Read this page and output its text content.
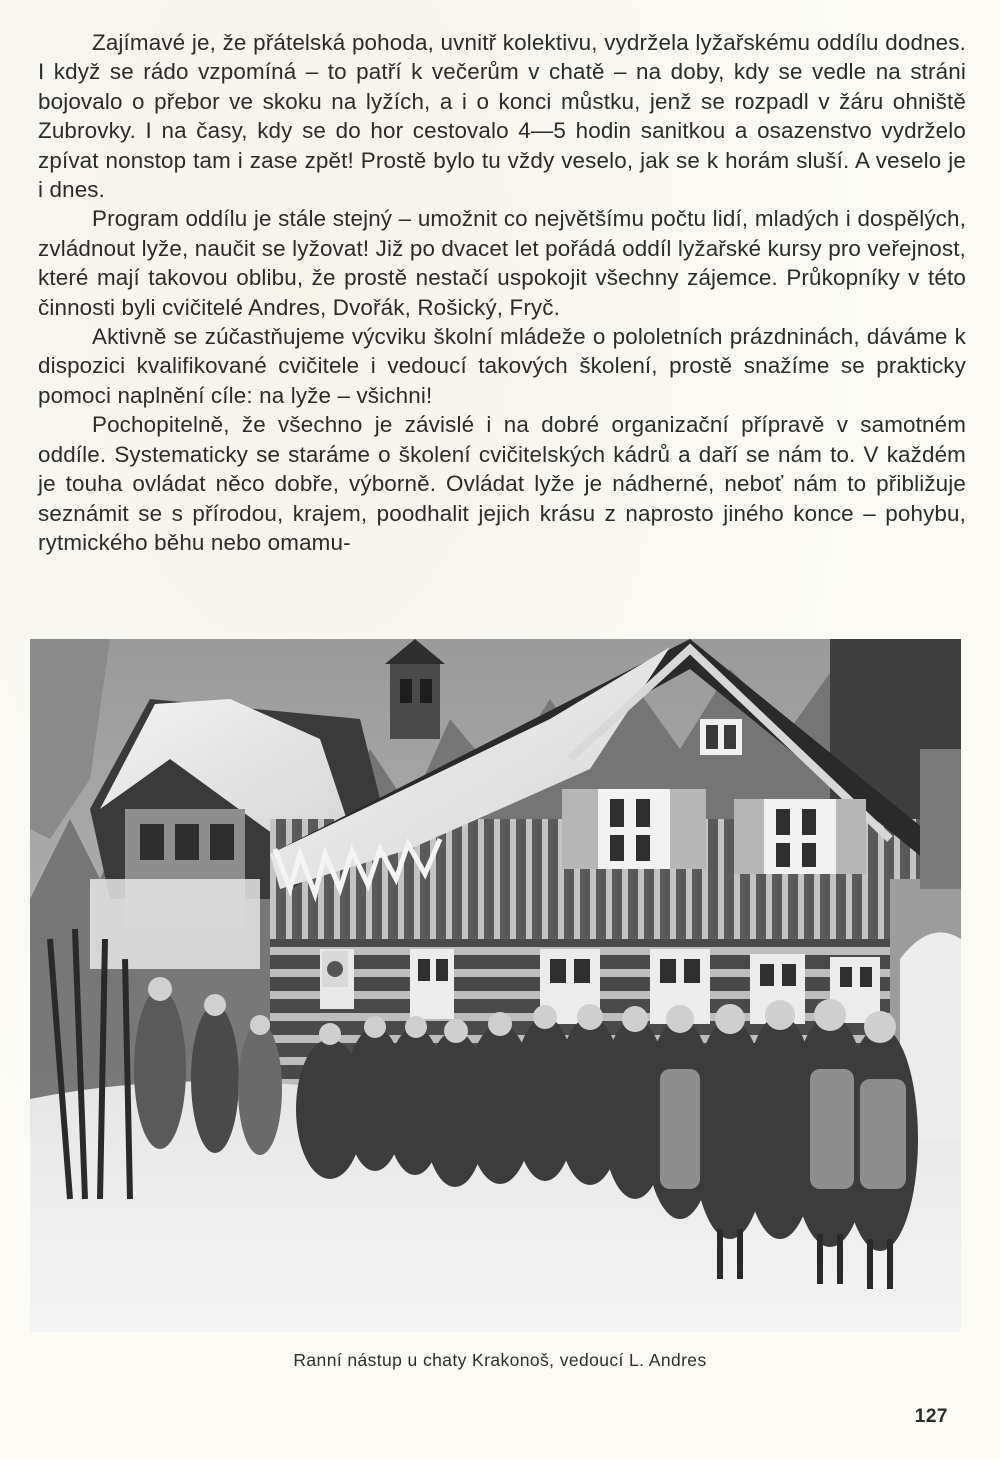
Zajímavé je, že přátelská pohoda, uvnitř kolektivu, vydržela lyžařskému oddílu dodnes. I když se rádo vzpomíná – to patří k večerům v chatě – na doby, kdy se vedle na stráni bojovalo o přebor ve skoku na lyžích, a i o konci můstku, jenž se rozpadl v žáru ohniště Zubrovky. I na časy, kdy se do hor cestovalo 4—5 hodin sanitkou a osazenstvo vydrželo zpívat nonstop tam i zase zpět! Prostě bylo tu vždy veselo, jak se k horám sluší. A veselo je i dnes.

Program oddílu je stále stejný – umožnit co největšímu počtu lidí, mladých i dospělých, zvládnout lyže, naučit se lyžovat! Již po dvacet let pořádá oddíl lyžařské kursy pro veřejnost, které mají takovou oblibu, že prostě nestačí uspokojit všechny zájemce. Průkopníky v této činnosti byli cvičitelé Andres, Dvořák, Rošický, Fryč.

Aktivně se zúčastňujeme výcviku školní mládeže o pololetních prázdninách, dáváme k dispozici kvalifikované cvičitele i vedoucí takových školení, prostě snažíme se prakticky pomoci naplnění cíle: na lyže – všichni!

Pochopitelně, že všechno je závislé i na dobré organizační přípravě v samotném oddíle. Systematicky se staráme o školení cvičitelských kádrů a daří se nám to. V každém je touha ovládat něco dobře, výborně. Ovládat lyže je nádherné, neboť nám to přibližuje seznámit se s přírodou, krajem, poodhalit jejich krásu z naprosto jiného konce – pohybu, rytmického běhu nebo omamu-

Ranní nástup u chaty Krakonoš, vedoucí L. Andres
127
